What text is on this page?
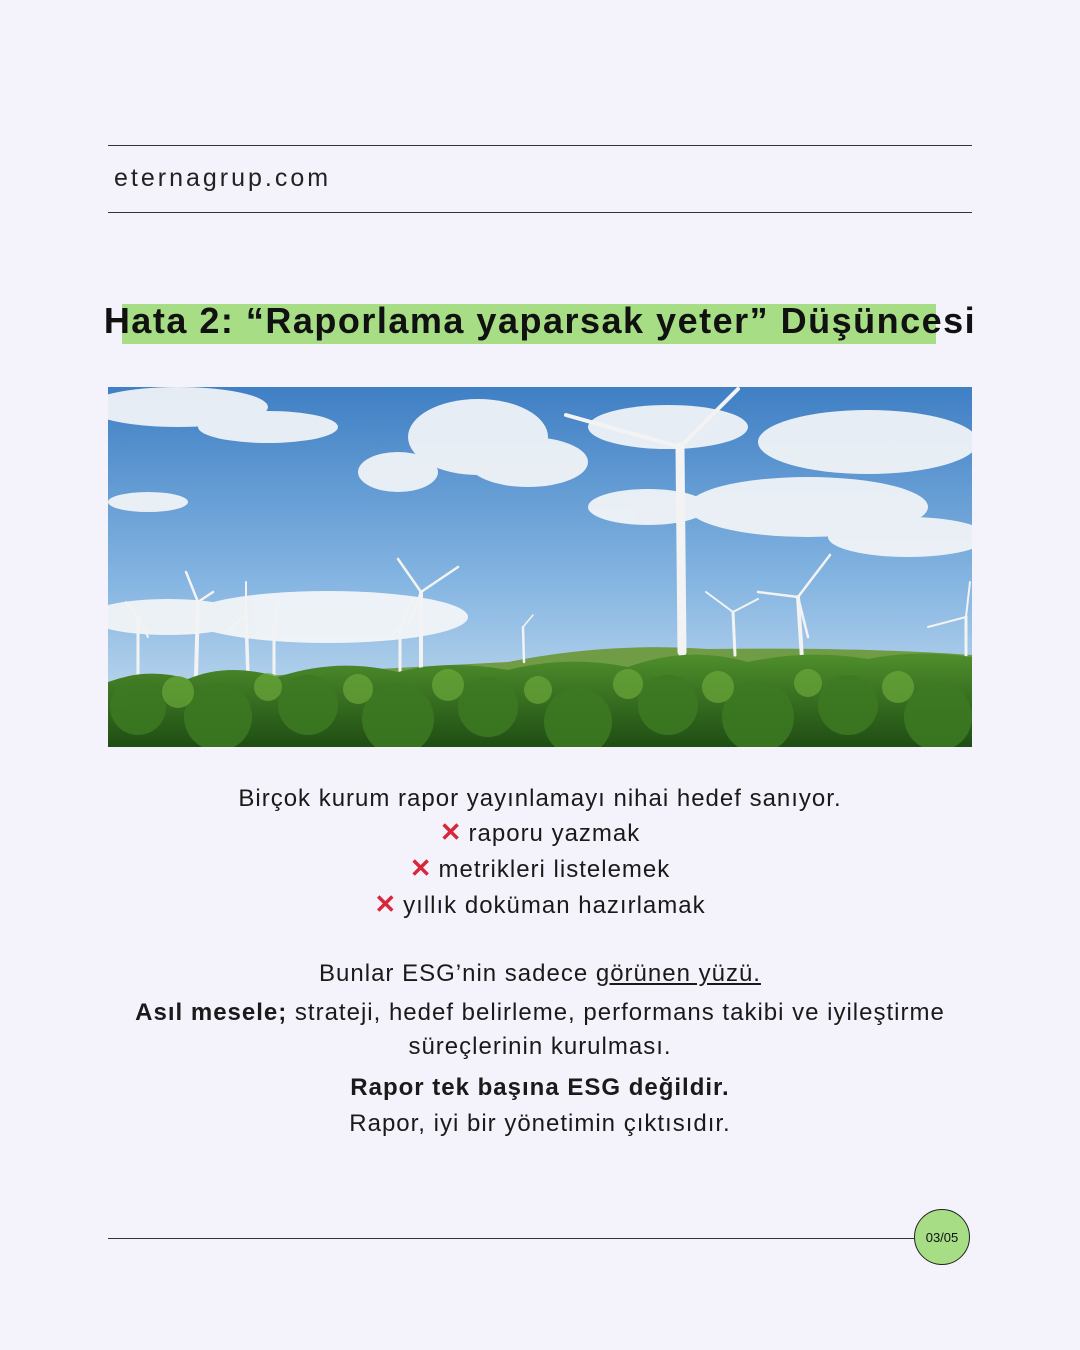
eternagrup.com
Hata 2: “Raporlama yaparsak yeter” Düşüncesi
Birçok kurum rapor yayınlamayı nihai hedef sanıyor.
✕ raporu yazmak
✕ metrikleri listelemek
✕ yıllık doküman hazırlamak
Bunlar ESG’nin sadece görünen yüzü.
Asıl mesele; strateji, hedef belirleme, performans takibi ve iyileştirme
süreçlerinin kurulması.
Rapor tek başına ESG değildir.
Rapor, iyi bir yönetimin çıktısıdır.
03/05
